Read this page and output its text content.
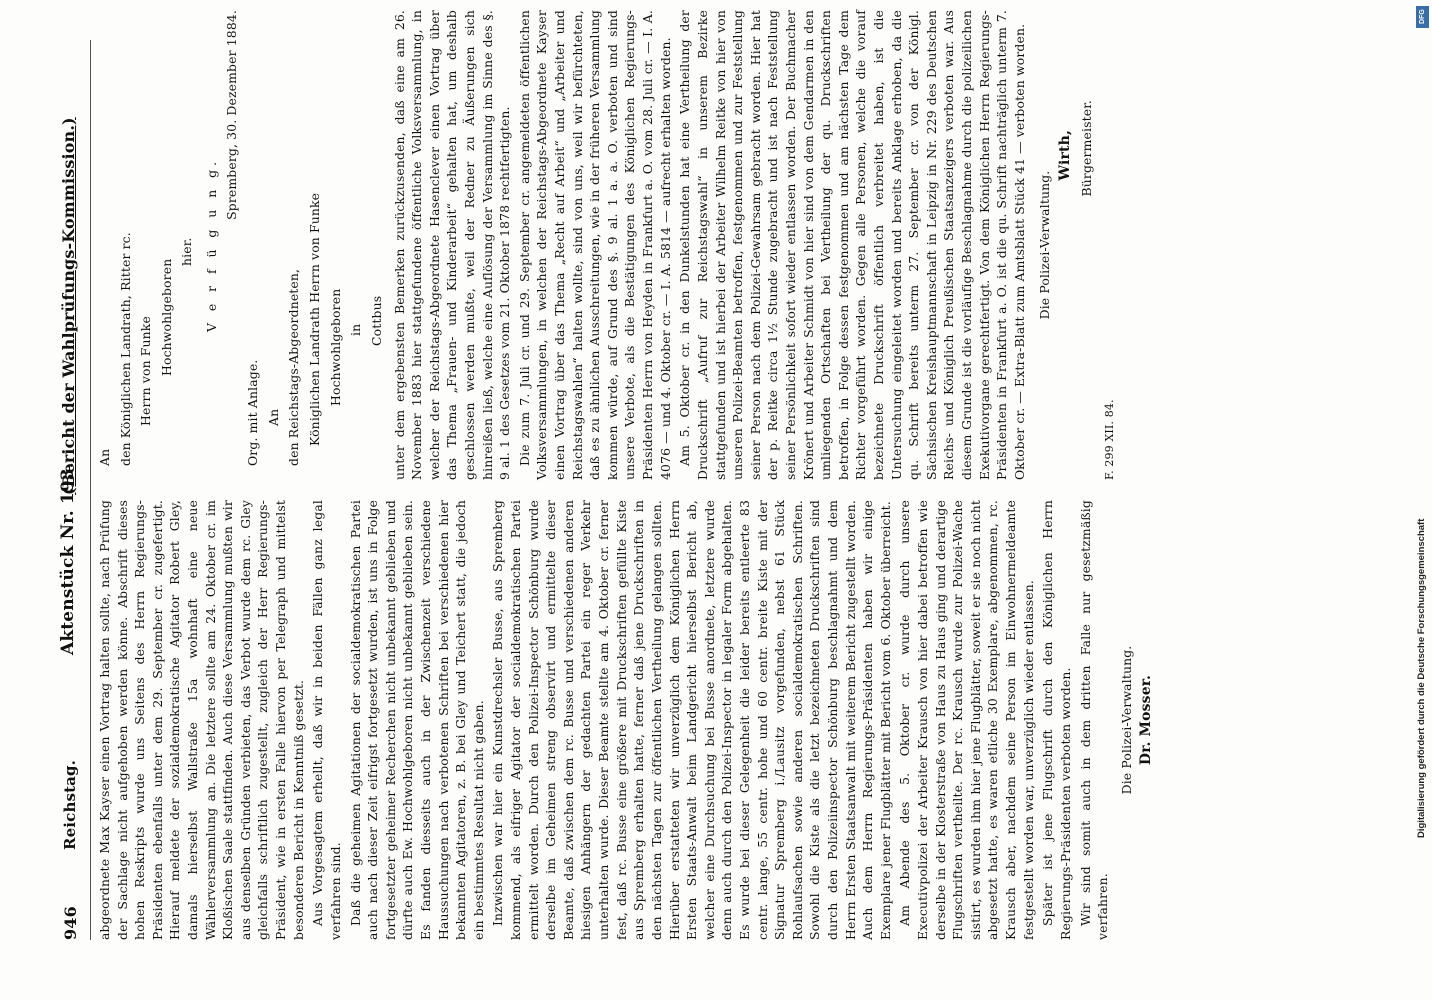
946
Reichstag.
Aktenstück Nr. 193.
(Bericht der Wahlprüfungs-Kommission.)

abgeordnete Max Kayser einen Vortrag halten sollte, nach Prüfung der Sachlage nicht aufgehoben werden könne. Abschrift dieses hohen Reskripts wurde uns Seitens des Herrn Regierungs-Präsidenten ebenfalls unter dem 29. September cr. zugefertigt. Hierauf meldete der sozialdemokratische Agitator Robert Gley, damals hierselbst Wallstraße 15a wohnhaft eine neue Wählerversammlung an. Die letztere sollte am 24. Oktober cr. im Kloßischen Saale stattfinden. Auch diese Versammlung mußten wir aus denselben Gründen verbieten, das Verbot wurde dem rc. Gley gleichfalls schriftlich zugestellt, zugleich der Herr Regierungs-Präsident, wie in ersten Falle hiervon per Telegraph und mittelst besonderen Bericht in Kenntniß gesetzt. Aus Vorgesagtem erhellt, daß wir in beiden Fällen ganz legal verfahren sind. Daß die geheimen Agitationen der socialdemokratischen Partei auch nach dieser Zeit eifrigst fortgesetzt wurden, ist uns in Folge fortgesetzter geheimer Recherchen nicht unbekannt geblieben und dürfte auch Ew. Hochwohlgeboren nicht unbekannt geblieben sein. Es fanden diesseits auch in der Zwischenzeit verschiedene Haussuchungen nach verbotenen Schriften bei verschiedenen hier bekannten Agitatoren, z. B. bei Gley und Teichert statt, die jedoch ein bestimmtes Resultat nicht gaben. Inzwischen war hier ein Kunstdrechsler Busse, aus Spremberg kommend, als eifriger Agitator der socialdemokratischen Partei ermittelt worden. Durch den Polizei-Inspector Schönburg wurde derselbe im Geheimen streng observirt und ermittelte dieser Beamte, daß zwischen dem rc. Busse und verschiedenen anderen hiesigen Anhängern der gedachten Partei ein reger Verkehr unterhalten wurde. Dieser Beamte stellte am 4. Oktober cr. ferner fest, daß rc. Busse eine größere mit Druckschriften gefüllte Kiste aus Spremberg erhalten hatte, ferner daß jene Druckschriften in den nächsten Tagen zur öffentlichen Vertheilung gelangen sollten. Hierüber erstatteten wir unverzüglich dem Königlichen Herrn Ersten Staats-Anwalt beim Landgericht hierselbst Bericht ab, welcher eine Durchsuchung bei Busse anordnete, letztere wurde denn auch durch den Polizei-Inspector in legaler Form abgehalten. Es wurde bei dieser Gelegenheit die leider bereits entleerte 83 centr. lange, 55 centr. hohe und 60 centr. breite Kiste mit der Signatur Spremberg i./Lausitz vorgefunden, nebst 61 Stück Rohlaufsachen sowie anderen socialdemokratischen Schriften. Sowohl die Kiste als die letzt bezeichneten Druckschriften sind durch den Polizeiinspector Schönburg beschlagnahmt und dem Herrn Ersten Staatsanwalt mit weiterem Bericht zugestellt worden. Auch dem Herrn Regierungs-Präsidenten haben wir einige Exemplare jener Flugblätter mit Bericht vom 6. Oktober überreicht. Am Abende des 5. Oktober cr. wurde durch unsere Executivpolizei der Arbeiter Krausch von hier dabei betroffen wie derselbe in der Klosterstraße von Haus zu Haus ging und derartige Flugschriften vertheilte. Der rc. Krausch wurde zur Polizei-Wache sistirt, es wurden ihm hier jene Flugblätter, soweit er sie noch nicht abgesetzt hatte, es waren etliche 30 Exemplare, abgenommen, rc. Krausch aber, nachdem seine Person im Einwohnermeldeamte festgestellt worden war, unverzüglich wieder entlassen. Später ist jene Flugschrift durch den Königlichen Herrn Regierungs-Präsidenten verboten worden. Wir sind somit auch in dem dritten Falle nur gesetzmäßig verfahren.

Die Polizei-Verwaltung. Dr. Mosser.

An den Königlichen Landrath, Ritter rc. Herrn von Funke Hochwohlgeboren

hier. V e r f ü g u n g.

Spremberg, 30. Dezember 1884.

Org. mit Anlage. An den Reichstags-Abgeordneten, Königlichen Landrath Herrn von Funke Hochwohlgeboren in Cottbus unter dem ergebensten Bemerken zurückzusenden, daß eine am 26. November 1883 hier stattgefundene öffentliche Volksversammlung, in welcher der Reichstags-Abgeordnete Hasenclever einen Vortrag über das Thema „Frauen- und Kinderarbeit“ gehalten hat, um deshalb geschlossen werden mußte, weil der Redner zu Äußerungen sich hinreißen ließ, welche eine Auflösung der Versammlung im Sinne des §. 9 al. 1 des Gesetzes vom 21. Oktober 1878 rechtfertigten. Die zum 7. Juli cr. und 29. September cr. angemeldeten öffentlichen Volksversammlungen, in welchen der Reichstags-Abgeordnete Kayser einen Vortrag über das Thema „Recht auf Arbeit“ und „Arbeiter und Reichstagswahlen“ halten wollte, sind von uns, weil wir befürchteten, daß es zu ähnlichen Ausschreitungen, wie in der früheren Versammlung kommen würde, auf Grund des §. 9 al. 1 a. a. O. verboten und sind unsere Verbote, als die Bestätigungen des Königlichen Regierungs-Präsidenten Herrn von Heyden in Frankfurt a. O. vom 28. Juli cr. — I. A. 4076 — und 4. Oktober cr. — I. A. 5814 — aufrecht erhalten worden. Am 5. Oktober cr. in den Dunkelstunden hat eine Vertheilung der Druckschrift „Aufruf zur Reichstagswahl“ in unserem Bezirke stattgefunden und ist hierbei der Arbeiter Wilhelm Reitke von hier von unseren Polizei-Beamten betroffen, festgenommen und zur Feststellung seiner Person nach dem Polizei-Gewahrsam gebracht worden. Hier hat der p. Reitke circa 1½ Stunde zugebracht und ist nach Feststellung seiner Persönlichkeit sofort wieder entlassen worden. Der Buchmacher Krönert und Arbeiter Schmidt von hier sind von dem Gendarmen in den umliegenden Ortschaften bei Vertheilung der qu. Druckschriften betroffen, in Folge dessen festgenommen und am nächsten Tage dem Richter vorgeführt worden. Gegen alle Personen, welche die vorauf bezeichnete Druckschrift öffentlich verbreitet haben, ist die Untersuchung eingeleitet worden und bereits Anklage erhoben, da die qu. Schrift bereits unterm 27. September cr. von der Königl. Sächsischen Kreishauptmannschaft in Leipzig in Nr. 229 des Deutschen Reichs- und Königlich Preußischen Staatsanzeigers verboten war. Aus diesem Grunde ist die vorläufige Beschlagnahme durch die polizeilichen Exekutivorgane gerechtfertigt. Von dem Königlichen Herrn Regierungs-Präsidenten in Frankfurt a. O. ist die qu. Schrift nachträglich unterm 7. Oktober cr. — Extra-Blatt zum Amtsblatt Stück 41 — verboten worden. Die Polizei-Verwaltung.

Wirth, Bürgermeister.

F. 299 XII. 84.

DFG
Digitalisierung gefördert durch die Deutsche Forschungsgemeinschaft
